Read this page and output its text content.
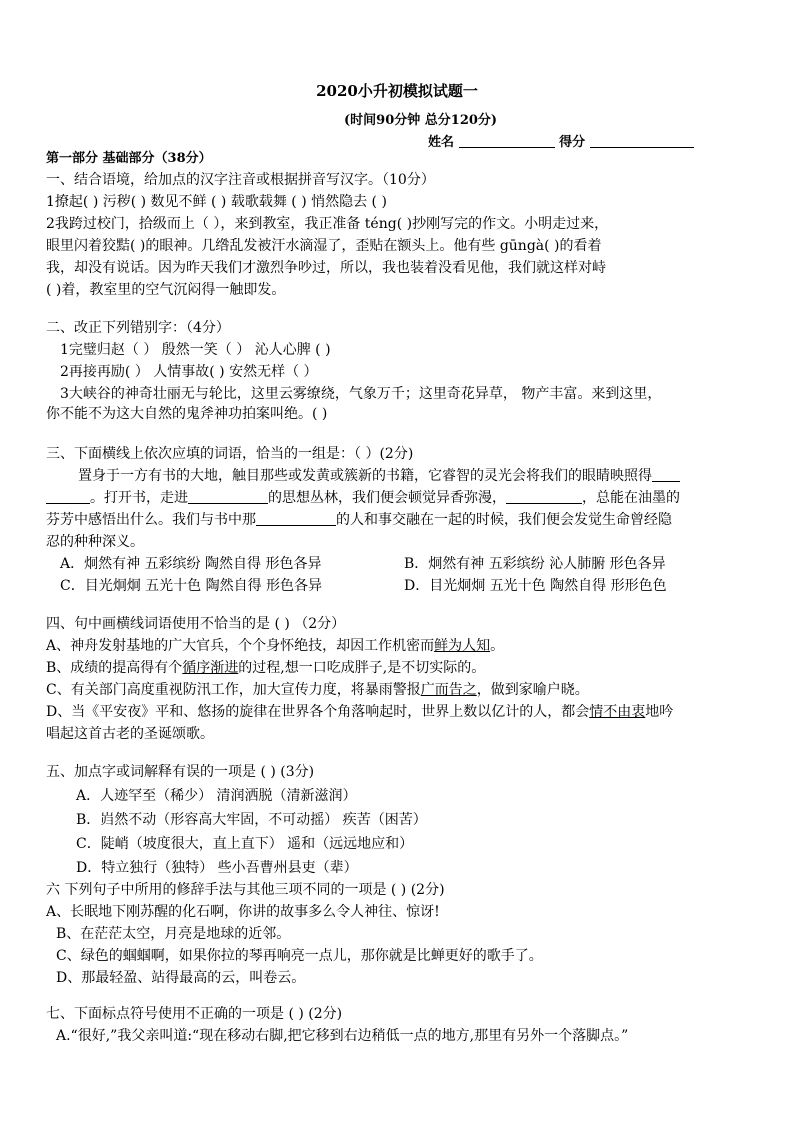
2020小升初模拟试题一
(时间90分钟 总分120分)
姓名	得分
第一部分 基础部分（38分）
一、结合语境，给加点的汉字注音或根据拼音写汉字。（10分）
1撩起( ) 污秽( ) 数见不鲜 ( ) 载歌载舞 ( ) 悄然隐去 ( )
2我跨过校门，拾级而上（ ），来到教室，我正准备 téng( )抄刚写完的作文。小明走过来，
眼里闪着狡黠( )的眼神。几绺乱发被汗水滴湿了，歪贴在额头上。他有些 gūngà( )的看着
我，却没有说话。因为昨天我们才激烈争吵过，所以，我也装着没看见他，我们就这样对峙
( )着，教室里的空气沉闷得一触即发。
二、改正下列错别字：（4分）
1完璧归赵（ ） 殷然一笑（ ） 沁人心脾 ( )
2再接再励( ） 人情事故( ) 安然无样（ ）
3大峡谷的神奇壮丽无与轮比，这里云雾缭绕，气象万千；这里奇花异草， 物产丰富。来到这里，
你不能不为这大自然的鬼斧神功拍案叫绝。( )
三、下面横线上依次应填的词语，恰当的一组是：（ ）(2分)
置身于一方有书的大地，触目那些或发黄或簇新的书籍，它睿智的灵光会将我们的眼睛映照得
。打开书，走进	的思想丛林，我们便会顿觉异香弥漫，	，总能在油墨的
芬芳中感悟出什么。我们与书中那	的人和事交融在一起的时候，我们便会发觉生命曾经隐
忍的种种深义。
A．炯然有神 五彩缤纷 陶然自得 形色各异	B．炯然有神 五彩缤纷 沁人肺腑 形色各异
C．目光炯炯 五光十色 陶然自得 形色各异	D．目光炯炯 五光十色 陶然自得 形形色色
四、句中画横线词语使用不恰当的是 ( ) （2分）
A、神舟发射基地的广大官兵，个个身怀绝技，却因工作机密而鲜为人知。
B、成绩的提高得有个循序渐进的过程,想一口吃成胖子,是不切实际的。
C、有关部门高度重视防汛工作，加大宣传力度，将暴雨警报广而告之，做到家喻户晓。
D、当《平安夜》平和、悠扬的旋律在世界各个角落响起时，世界上数以亿计的人，都会情不由衷地吟
唱起这首古老的圣诞颂歌。
五、加点字或词解释有误的一项是 ( ) (3分)
A．人迹罕至（稀少） 清润洒脱（清新滋润）
B．岿然不动（形容高大牢固，不可动摇） 疾苦（困苦）
C．陡峭（坡度很大，直上直下） 遥和（远远地应和）
D．特立独行（独特） 些小吾曹州县吏（辈）
六 下列句子中所用的修辞手法与其他三项不同的一项是 ( ) (2分)
A、长眠地下刚苏醒的化石啊，你讲的故事多么令人神往、惊讶!
B、在茫茫太空，月亮是地球的近邻。
C、绿色的蝈蝈啊，如果你拉的琴再响亮一点儿，那你就是比蝉更好的歌手了。
D、那最轻盈、站得最高的云，叫卷云。
七、下面标点符号使用不正确的一项是 ( ) (2分)
A.“很好,”我父亲叫道:“现在移动右脚,把它移到右边稍低一点的地方,那里有另外一个落脚点。”
